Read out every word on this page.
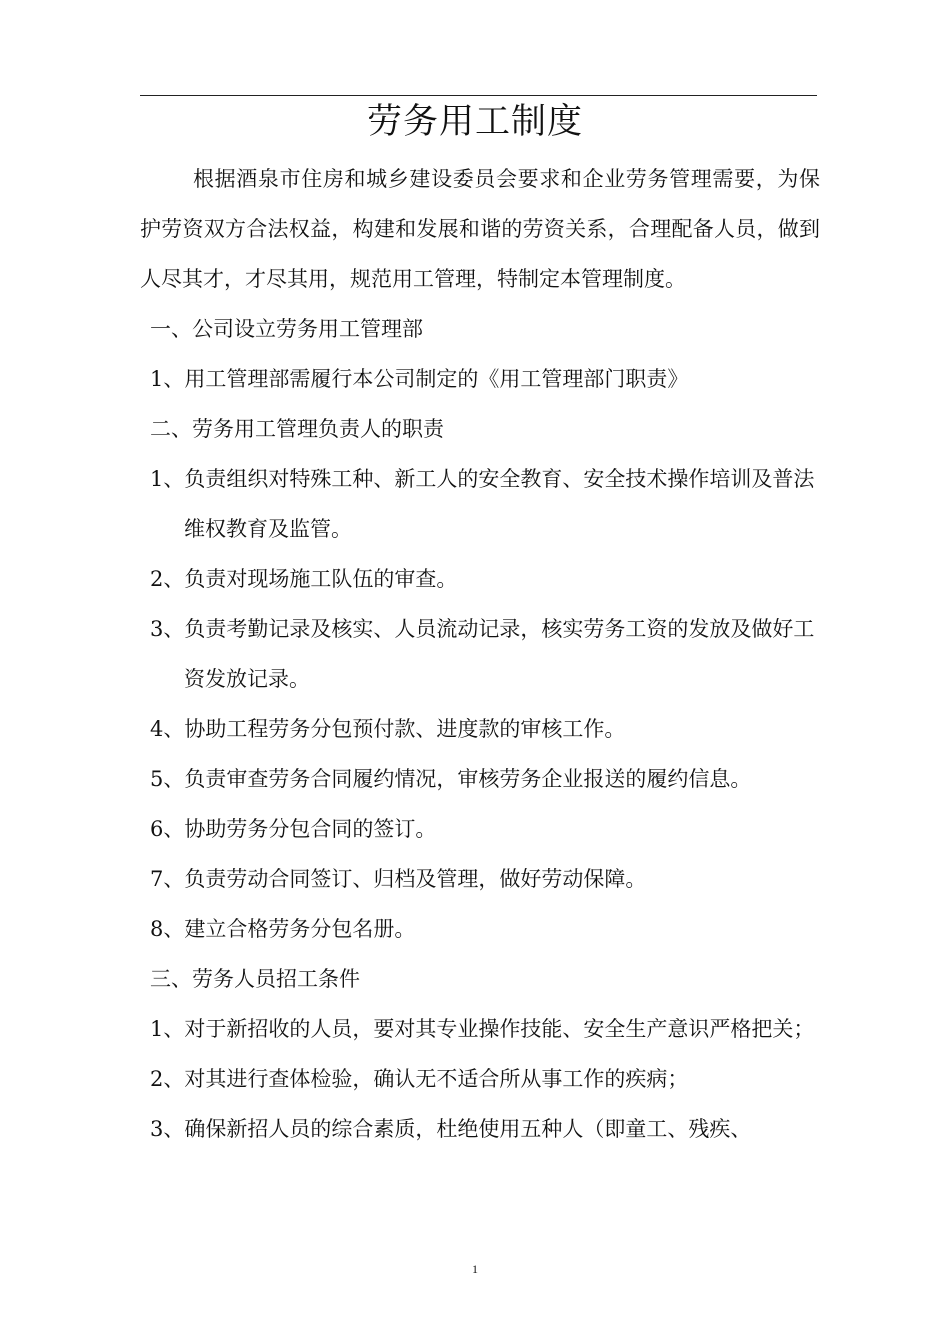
劳务用工制度

根据酒泉市住房和城乡建设委员会要求和企业劳务管理需要，为保护劳资双方合法权益，构建和发展和谐的劳资关系，合理配备人员，做到人尽其才，才尽其用，规范用工管理，特制定本管理制度。

一、公司设立劳务用工管理部

1、用工管理部需履行本公司制定的《用工管理部门职责》

二、劳务用工管理负责人的职责

1、负责组织对特殊工种、新工人的安全教育、安全技术操作培训及普法维权教育及监管。

2、负责对现场施工队伍的审查。

3、负责考勤记录及核实、人员流动记录，核实劳务工资的发放及做好工资发放记录。

4、协助工程劳务分包预付款、进度款的审核工作。

5、负责审查劳务合同履约情况，审核劳务企业报送的履约信息。

6、协助劳务分包合同的签订。

7、负责劳动合同签订、归档及管理，做好劳动保障。

8、建立合格劳务分包名册。

三、劳务人员招工条件

1、对于新招收的人员，要对其专业操作技能、安全生产意识严格把关；

2、对其进行查体检验，确认无不适合所从事工作的疾病；

3、确保新招人员的综合素质，杜绝使用五种人（即童工、残疾、

1
